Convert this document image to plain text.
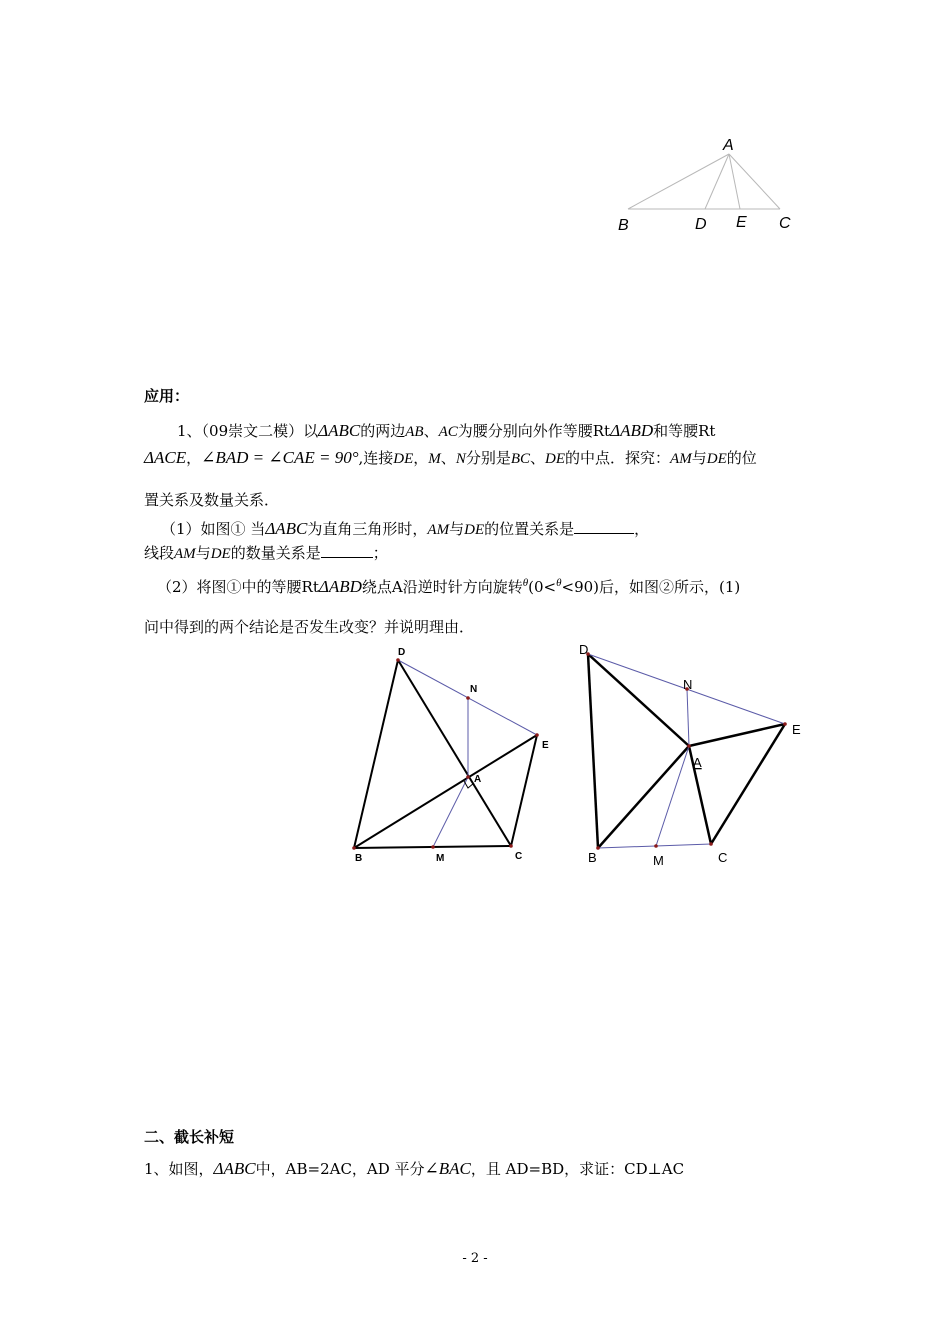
A
B	D E C
应用：
1、（09崇文二模）以ΔABC的两边AB、AC为腰分别向外作等腰RtΔABD和等腰Rt
ΔACE，∠BAD = ∠CAE = 90°,连接DE，M、N分别是BC、DE的中点．探究：AM与DE的位
置关系及数量关系．
（1）如图① 当ΔABC为直角三角形时，AM与DE的位置关系是	，
线段AM与DE的数量关系是	；
（2）将图①中的等腰RtΔABD绕点A沿逆时针方向旋转$^\theta$(0<$^\theta$<90)后，如图②所示，(1)
问中得到的两个结论是否发生改变？并说明理由．
D
N
E
A
B	M	C
D
N
E
A
B	M	C
二、截长补短
1、如图，ΔABC中，AB=2AC，AD 平分∠BAC，且 AD=BD，求证：CD⊥AC
- 2 -
